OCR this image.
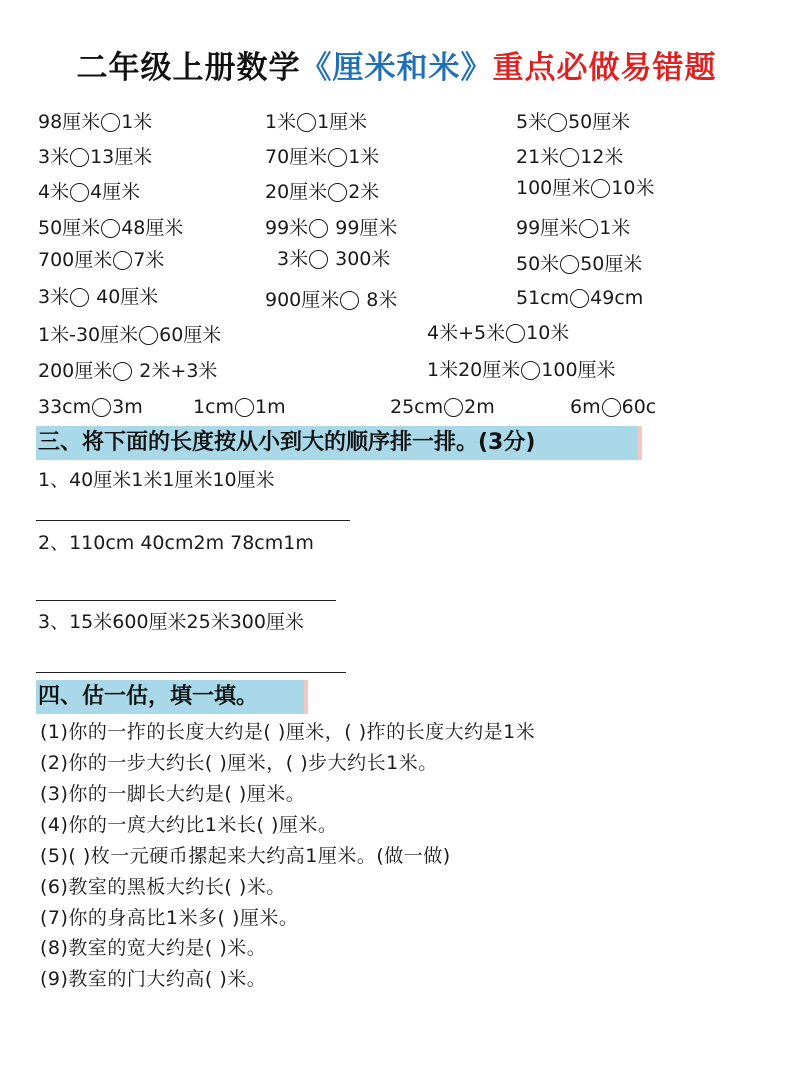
二年级上册数学《厘米和米》重点必做易错题
98厘米 1米	1米 1厘米	5米 50厘米
3米 13厘米	70厘米 1米	21米 12米
4米 4厘米	20厘米 2米	100厘米 10米
50厘米 48厘米	99米 99厘米	99厘米 1米
700厘米 7米	3米 300米	50米 50厘米
3米 40厘米	900厘米 8米	51cm 49cm
1米-30厘米 60厘米	4米+5米 10米
200厘米 2米+3米	1米20厘米 100厘米
33cm 3m	1cm 1m	25cm 2m	6m 60c
三、将下面的长度按从小到大的顺序排一排。(3分)
1、40厘米1米1厘米10厘米
2、110cm 40cm2m 78cm1m
3、15米600厘米25米300厘米
四、估一估，填一填。
(1)你的一拃的长度大约是( )厘米，( )拃的长度大约是1米
(2)你的一步大约长( )厘米，( )步大约长1米。
(3)你的一脚长大约是( )厘米。
(4)你的一庹大约比1米长( )厘米。
(5)( )枚一元硬币摞起来大约高1厘米。(做一做)
(6)教室的黑板大约长( )米。
(7)你的身高比1米多( )厘米。
(8)教室的宽大约是( )米。
(9)教室的门大约高( )米。
